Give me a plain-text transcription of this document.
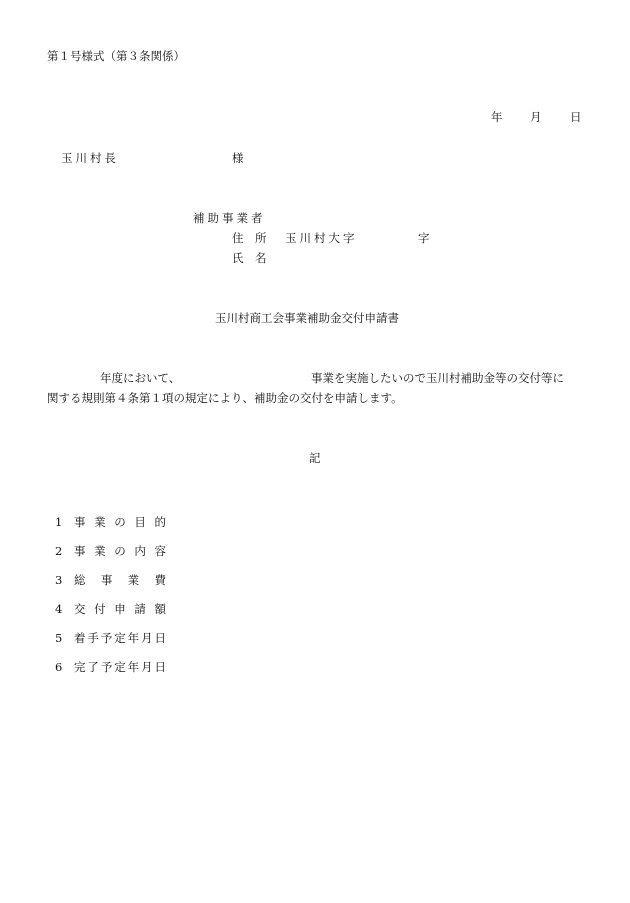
第１号様式（第３条関係）
年 月 日
玉川村長	様
補助事業者
住　所 玉川村大字	字
氏　名
玉川村商工会事業補助金交付申請書
年度において、	事業を実施したいので玉川村補助金等の交付等に
関する規則第４条第１項の規定により、補助金の交付を申請します。
記
1 事業の目的
2 事業の内容
3 総事業費
4 交付申請額
5 着手予定年月日
6 完了予定年月日
